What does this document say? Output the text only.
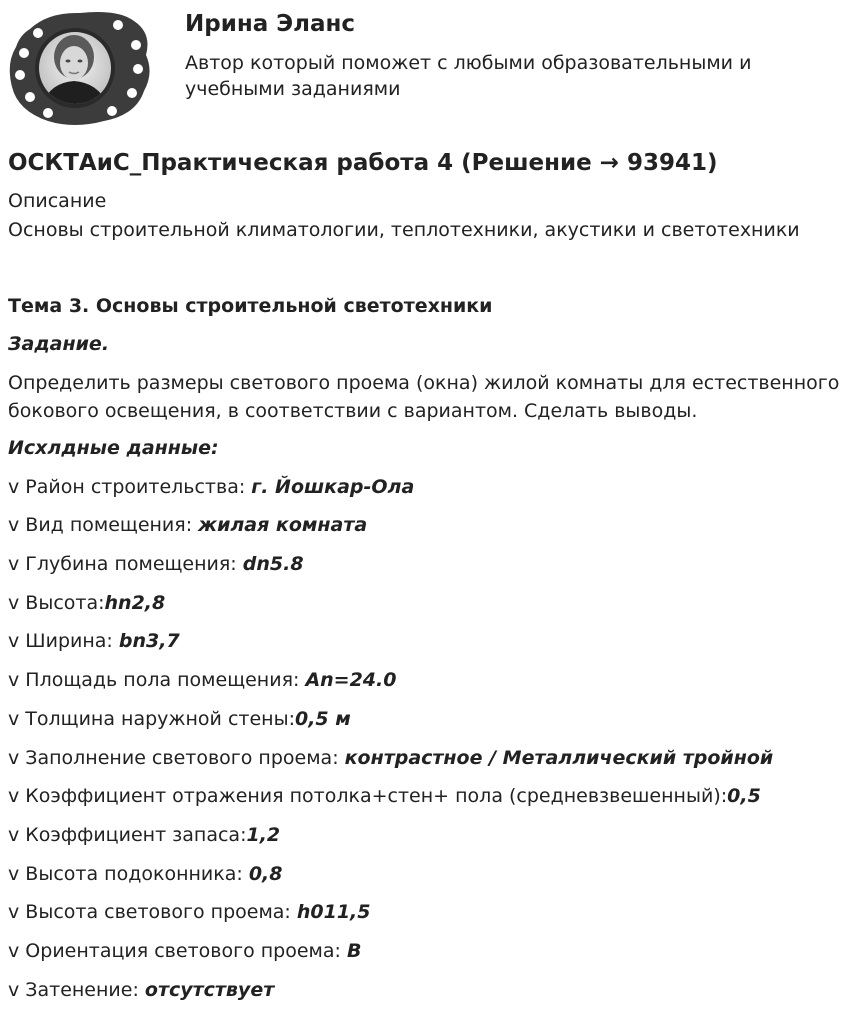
Ирина Эланс
Автор который поможет с любыми образовательными и учебными заданиями
ОСКТАиС_Практическая работа 4 (Решение → 93941)
Описание
Основы строительной климатологии, теплотехники, акустики и светотехники
Тема 3. Основы строительной светотехники
Задание.
Определить размеры светового проема (окна) жилой комнаты для естественного бокового освещения, в соответствии с вариантом. Сделать выводы.
Исхлдные данные:
v Район строительства: г. Йошкар-Ола
v Вид помещения: жилая комната
v Глубина помещения: dn5.8
v Высота:hn2,8
v Ширина: bn3,7
v Площадь пола помещения: An=24.0
v Толщина наружной стены:0,5 м
v Заполнение светового проема: контрастное / Металлический тройной
v Коэффициент отражения потолка+стен+ пола (средневзвешенный):0,5
v Коэффициент запаса:1,2
v Высота подоконника: 0,8
v Высота светового проема: h011,5
v Ориентация светового проема: В
v Затенение: отсутствует
